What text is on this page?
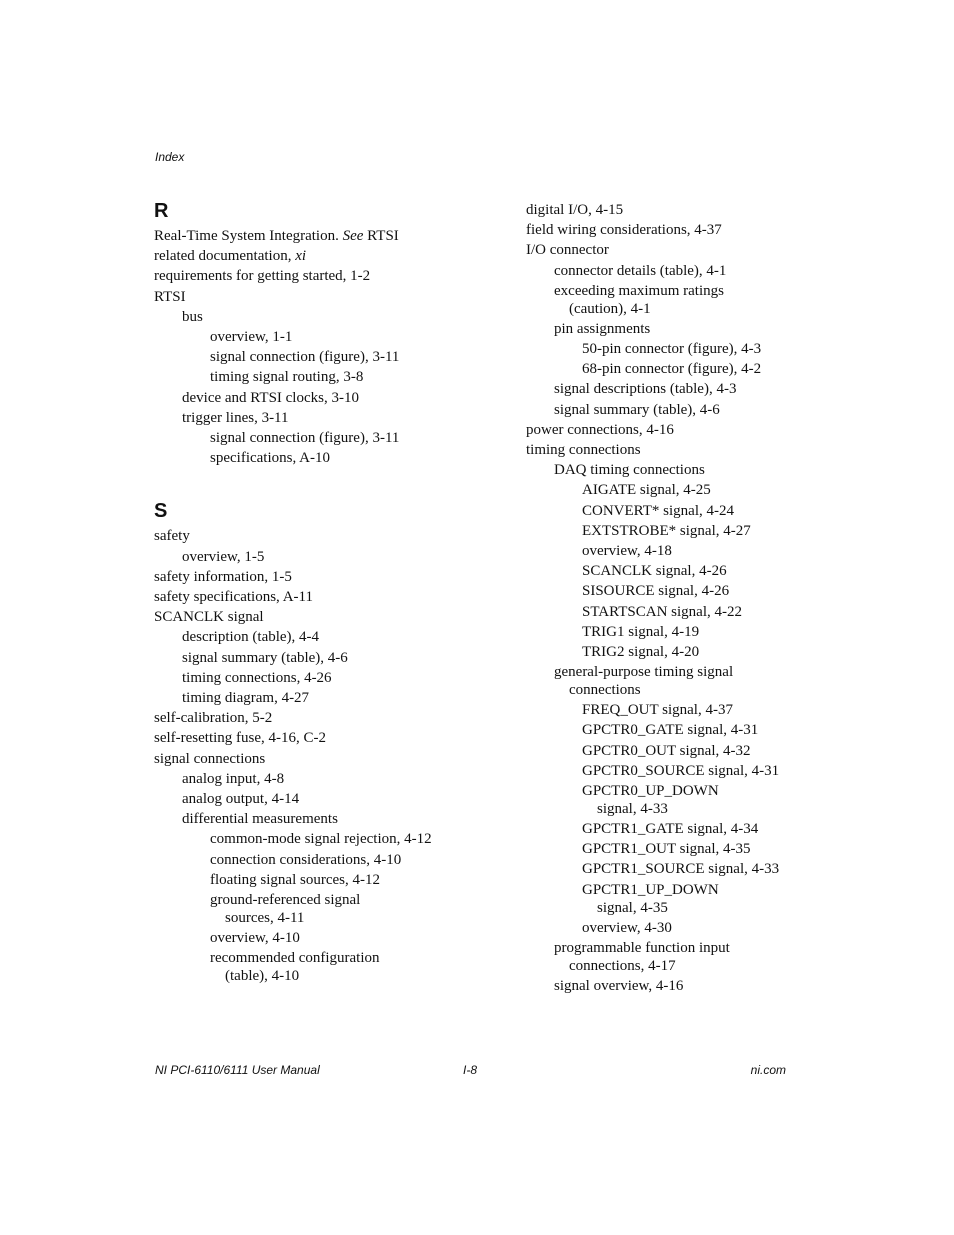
Index
R
Real-Time System Integration. See RTSI
related documentation, xi
requirements for getting started, 1-2
RTSI
bus
overview, 1-1
signal connection (figure), 3-11
timing signal routing, 3-8
device and RTSI clocks, 3-10
trigger lines, 3-11
signal connection (figure), 3-11
specifications, A-10
S
safety
overview, 1-5
safety information, 1-5
safety specifications, A-11
SCANCLK signal
description (table), 4-4
signal summary (table), 4-6
timing connections, 4-26
timing diagram, 4-27
self-calibration, 5-2
self-resetting fuse, 4-16, C-2
signal connections
analog input, 4-8
analog output, 4-14
differential measurements
common-mode signal rejection, 4-12
connection considerations, 4-10
floating signal sources, 4-12
ground-referenced signal
sources, 4-11
overview, 4-10
recommended configuration
(table), 4-10
digital I/O, 4-15
field wiring considerations, 4-37
I/O connector
connector details (table), 4-1
exceeding maximum ratings
(caution), 4-1
pin assignments
50-pin connector (figure), 4-3
68-pin connector (figure), 4-2
signal descriptions (table), 4-3
signal summary (table), 4-6
power connections, 4-16
timing connections
DAQ timing connections
AIGATE signal, 4-25
CONVERT* signal, 4-24
EXTSTROBE* signal, 4-27
overview, 4-18
SCANCLK signal, 4-26
SISOURCE signal, 4-26
STARTSCAN signal, 4-22
TRIG1 signal, 4-19
TRIG2 signal, 4-20
general-purpose timing signal
connections
FREQ_OUT signal, 4-37
GPCTR0_GATE signal, 4-31
GPCTR0_OUT signal, 4-32
GPCTR0_SOURCE signal, 4-31
GPCTR0_UP_DOWN
signal, 4-33
GPCTR1_GATE signal, 4-34
GPCTR1_OUT signal, 4-35
GPCTR1_SOURCE signal, 4-33
GPCTR1_UP_DOWN
signal, 4-35
overview, 4-30
programmable function input
connections, 4-17
signal overview, 4-16
NI PCI-6110/6111 User Manual	I-8	ni.com
